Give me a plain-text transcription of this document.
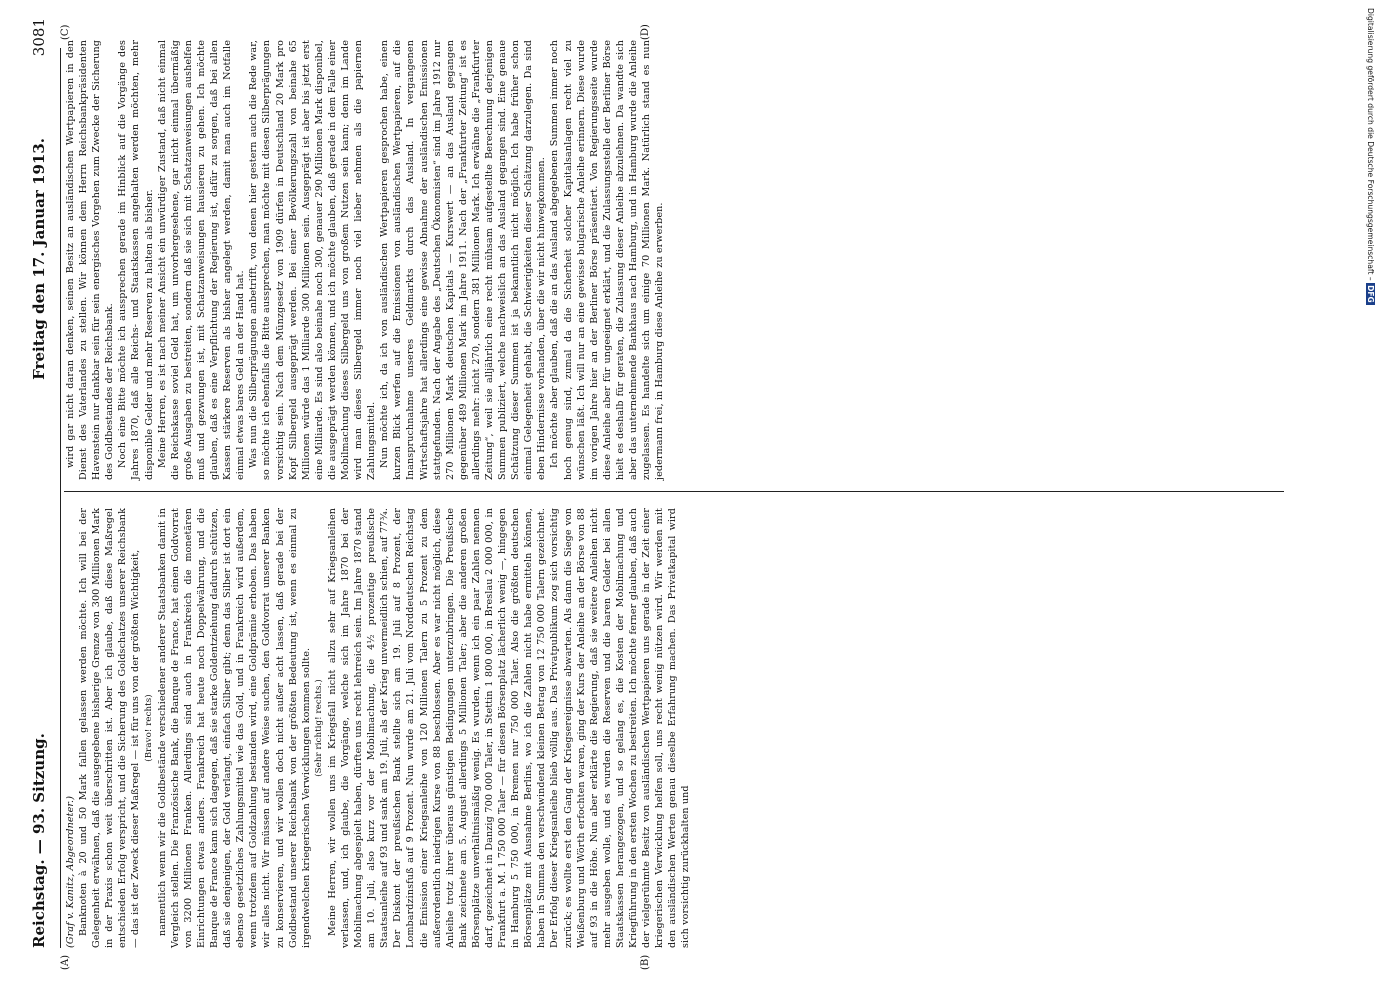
Reichstag. — 93. Sitzung.
Freitag den 17. Januar 1913.
3081
(A)	(B)
(C)	(D)

(Graf v. Kanitz, Abgeordneter.) Banknoten à 20 und 50 Mark fallen gelassen werden möchte. Ich will bei der Gelegenheit erwähnen, daß die ausgegebene bisherige Grenze von 300 Millionen Mark in der Praxis schon weit überschritten ist. Aber ich glaube, daß diese Maßregel entschieden Erfolg verspricht, und die Sicherung des Goldschatzes unserer Reichsbank — das ist der Zweck dieser Maßregel — ist für uns von der größten Wichtigkeit, (Bravo! rechts) namentlich wenn wir die Goldbestände verschiedener anderer Staatsbanken damit in Vergleich stellen. Die Französische Bank, die Banque de France, hat einen Goldvorrat von 3200 Millionen Franken. Allerdings sind auch in Frankreich die monetären Einrichtungen etwas anders. Frankreich hat heute noch Doppelwährung, und die Banque de France kann sich dagegen, daß sie starke Goldentziehung dadurch schützen, daß sie denjenigen, der Gold verlangt, einfach Silber gibt; denn das Silber ist dort ein ebenso gesetzliches Zahlungsmittel wie das Gold, und in Frankreich wird außerdem, wenn trotzdem auf Goldzahlung bestanden wird, eine Goldprämie erhoben. Das haben wir alles nicht. Wir müssen auf andere Weise suchen, den Goldvorrat unserer Banken zu konservieren, und wir wollen doch nicht außer acht lassen, daß gerade bei der Goldbestand unserer Reichsbank von der größten Bedeutung ist, wenn es einmal zu irgendwelchen kriegerischen Verwicklungen kommen sollte. (Sehr richtig! rechts.) Meine Herren, wir wollen uns im Kriegsfall nicht allzu sehr auf Kriegsanleihen verlassen, und, ich glaube, die Vorgänge, welche sich im Jahre 1870 bei der Mobilmachung abgespielt haben, dürften uns recht lehrreich sein. Im Jahre 1870 stand am 10. Juli, also kurz vor der Mobilmachung, die 4½ prozentige preußische Staatsanleihe auf 93 und sank am 19. Juli, als der Krieg unvermeidlich schien, auf 77¾. Der Diskont der preußischen Bank stellte sich am 19. Juli auf 8 Prozent, der Lombardzinsfuß auf 9 Prozent. Nun wurde am 21. Juli vom Norddeutschen Reichstag die Emission einer Kriegsanleihe von 120 Millionen Talern zu 5 Prozent zu dem außerordentlich niedrigen Kurse von 88 beschlossen. Aber es war nicht möglich, diese Anleihe trotz ihrer überaus günstigen Bedingungen unterzubringen. Die Preußische Bank zeichnete am 5. August allerdings 5 Millionen Taler; aber die anderen großen Börsenplätze unverhältnismäßig wenig. Es wurden, wenn ich ein paar Zahlen nennen darf, gezeichnet in Danzig 700 000 Taler, in Stettin 1 800 000, in Breslau 2 000 000, in Frankfurt a. M. 1 750 000 Taler — für diesen Börsenplatz lächerlich wenig —, hingegen in Hamburg 5 750 000, in Bremen nur 750 000 Taler. Also die größten deutschen Börsenplätze mit Ausnahme Berlins, wo ich die Zahlen nicht habe ermitteln können, haben in Summa den verschwindend kleinen Betrag von 12 750 000 Talern gezeichnet. Der Erfolg dieser Kriegsanleihe blieb völlig aus. Das Privatpublikum zog sich vorsichtig zurück; es wollte erst den Gang der Kriegsereignisse abwarten. Als dann die Siege von Weißenburg und Wörth erfochten waren, ging der Kurs der Anleihe an der Börse von 88 auf 93 in die Höhe. Nun aber erklärte die Regierung, daß sie weitere Anleihen nicht mehr ausgeben wolle, und es wurden die Reserven und die baren Gelder bei allen Staatskassen herangezogen, und so gelang es, die Kosten der Mobilmachung und Kriegführung in den ersten Wochen zu bestreiten. Ich möchte ferner glauben, daß auch der vielgerühmte Besitz von ausländischen Wertpapieren uns gerade in der Zeit einer kriegerischen Verwicklung helfen soll, uns recht wenig nützen wird. Wir werden mit den ausländischen Werten genau dieselbe Erfahrung machen. Das Privatkapital wird sich vorsichtig zurückhalten und

wird gar nicht daran denken, seinen Besitz an ausländischen Wertpapieren in den Dienst des Vaterlandes zu stellen. Wir können dem Herrn Reichsbankpräsidenten Havenstein nur dankbar sein für sein energisches Vorgehen zum Zwecke der Sicherung des Goldbestandes der Reichsbank. Noch eine Bitte möchte ich aussprechen gerade im Hinblick auf die Vorgänge des Jahres 1870, daß alle Reichs- und Staatskassen angehalten werden möchten, mehr disponible Gelder und mehr Reserven zu halten als bisher. Meine Herren, es ist nach meiner Ansicht ein unwürdiger Zustand, daß nicht einmal die Reichskasse soviel Geld hat, um unvorhergesehene, gar nicht einmal übermäßig große Ausgaben zu bestreiten, sondern daß sie sich mit Schatzanweisungen aushelfen muß und gezwungen ist, mit Schatzanweisungen hausieren zu gehen. Ich möchte glauben, daß es eine Verpflichtung der Regierung ist, dafür zu sorgen, daß bei allen Kassen stärkere Reserven als bisher angelegt werden, damit man auch im Notfalle einmal etwas bares Geld an der Hand hat. Was nun die Silberprägungen anbetrifft, von denen hier gestern auch die Rede war, so möchte ich ebenfalls die Bitte aussprechen, man möchte mit diesen Silberprägungen vorsichtig sein. Nach dem Münzgesetz von 1909 dürfen in Deutschland 20 Mark pro Kopf Silbergeld ausgeprägt werden. Bei einer Bevölkerungszahl von beinahe 65 Millionen würde das 1 Milliarde 300 Millionen sein. Ausgeprägt ist aber bis jetzt erst eine Milliarde. Es sind also beinahe noch 300, genauer 290 Millionen Mark disponibel, die ausgeprägt werden können, und ich möchte glauben, daß gerade in dem Falle einer Mobilmachung dieses Silbergeld uns von großem Nutzen sein kann; denn im Lande wird man dieses Silbergeld immer noch viel lieber nehmen als die papiernen Zahlungsmittel. Nun möchte ich, da ich von ausländischen Wertpapieren gesprochen habe, einen kurzen Blick werfen auf die Emissionen von ausländischen Wertpapieren, auf die Inanspruchnahme unseres Geldmarkts durch das Ausland. In vergangenen Wirtschaftsjahre hat allerdings eine gewisse Abnahme der ausländischen Emissionen stattgefunden. Nach der Angabe des „Deutschen Ökonomisten“ sind im Jahre 1912 nur 270 Millionen Mark deutschen Kapitals — Kurswert — an das Ausland gegangen gegenüber 489 Millionen Mark im Jahre 1911. Nach der „Frankfurter Zeitung“ ist es allerdings mehr: nicht 270, sondern 381 Millionen Mark. Ich erwähne die „Frankfurter Zeitung“, weil sie alljährlich eine recht mühsam aufgestellte Berechnung derjenigen Summen publiziert, welche nachweislich an das Ausland gegangen sind. Eine genaue Schätzung dieser Summen ist ja bekanntlich nicht möglich. Ich habe früher schon einmal Gelegenheit gehabt, die Schwierigkeiten dieser Schätzung darzulegen. Da sind eben Hindernisse vorhanden, über die wir nicht hinwegkommen. Ich möchte aber glauben, daß die an das Ausland abgegebenen Summen immer noch hoch genug sind, zumal da die Sicherheit solcher Kapitalsanlagen recht viel zu wünschen läßt. Ich will nur an eine gewisse bulgarische Anleihe erinnern. Diese wurde im vorigen Jahre hier an der Berliner Börse präsentiert. Von Regierungsseite wurde diese Anleihe aber für ungeeignet erklärt, und die Zulassungsstelle der Berliner Börse hielt es deshalb für geraten, die Zulassung dieser Anleihe abzulehnen. Da wandte sich aber das unternehmende Bankhaus nach Hamburg, und in Hamburg wurde die Anleihe zugelassen. Es handelte sich um einige 70 Millionen Mark. Natürlich stand es nun jedermann frei, in Hamburg diese Anleihe zu erwerben.

Digitalisierung gefördert durch die Deutsche Forschungsgemeinschaft – DFG
